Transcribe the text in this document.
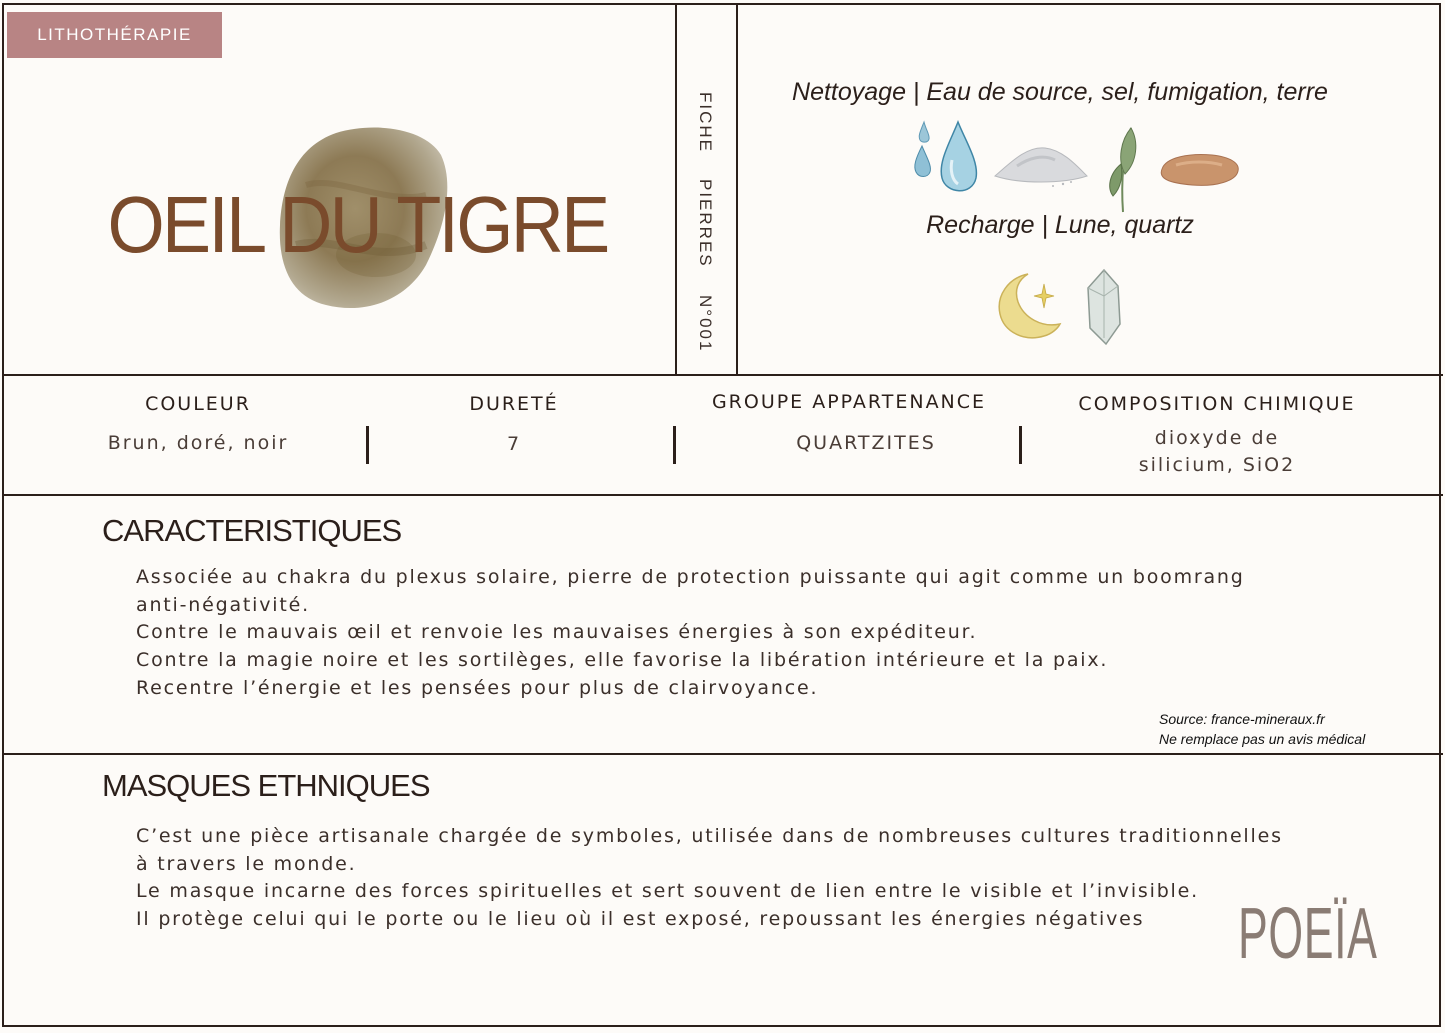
LITHOTHÉRAPIE
OEIL DU TIGRE
FICHE
PIERRES
N°001
Nettoyage | Eau de source, sel, fumigation, terre
Recharge | Lune, quartz
COULEUR
Brun, doré, noir
DURETÉ
7
GROUPE APPARTENANCE
QUARTZITES
COMPOSITION CHIMIQUE
dioxyde de
silicium, SiO2
CARACTERISTIQUES

Associée au chakra du plexus solaire, pierre de protection puissante qui agit comme un boomrang

anti-négativité.

Contre le mauvais œil et renvoie les mauvaises énergies à son expéditeur.

Contre la magie noire et les sortilèges, elle favorise la libération intérieure et la paix.

Recentre l’énergie et les pensées pour plus de clairvoyance.

Source: france-mineraux.fr
Ne remplace pas un avis médical
MASQUES ETHNIQUES

C’est une pièce artisanale chargée de symboles, utilisée dans de nombreuses cultures traditionnelles

à travers le monde.

Le masque incarne des forces spirituelles et sert souvent de lien entre le visible et l’invisible.

Il protège celui qui le porte ou le lieu où il est exposé, repoussant les énergies négatives	POEÏA
